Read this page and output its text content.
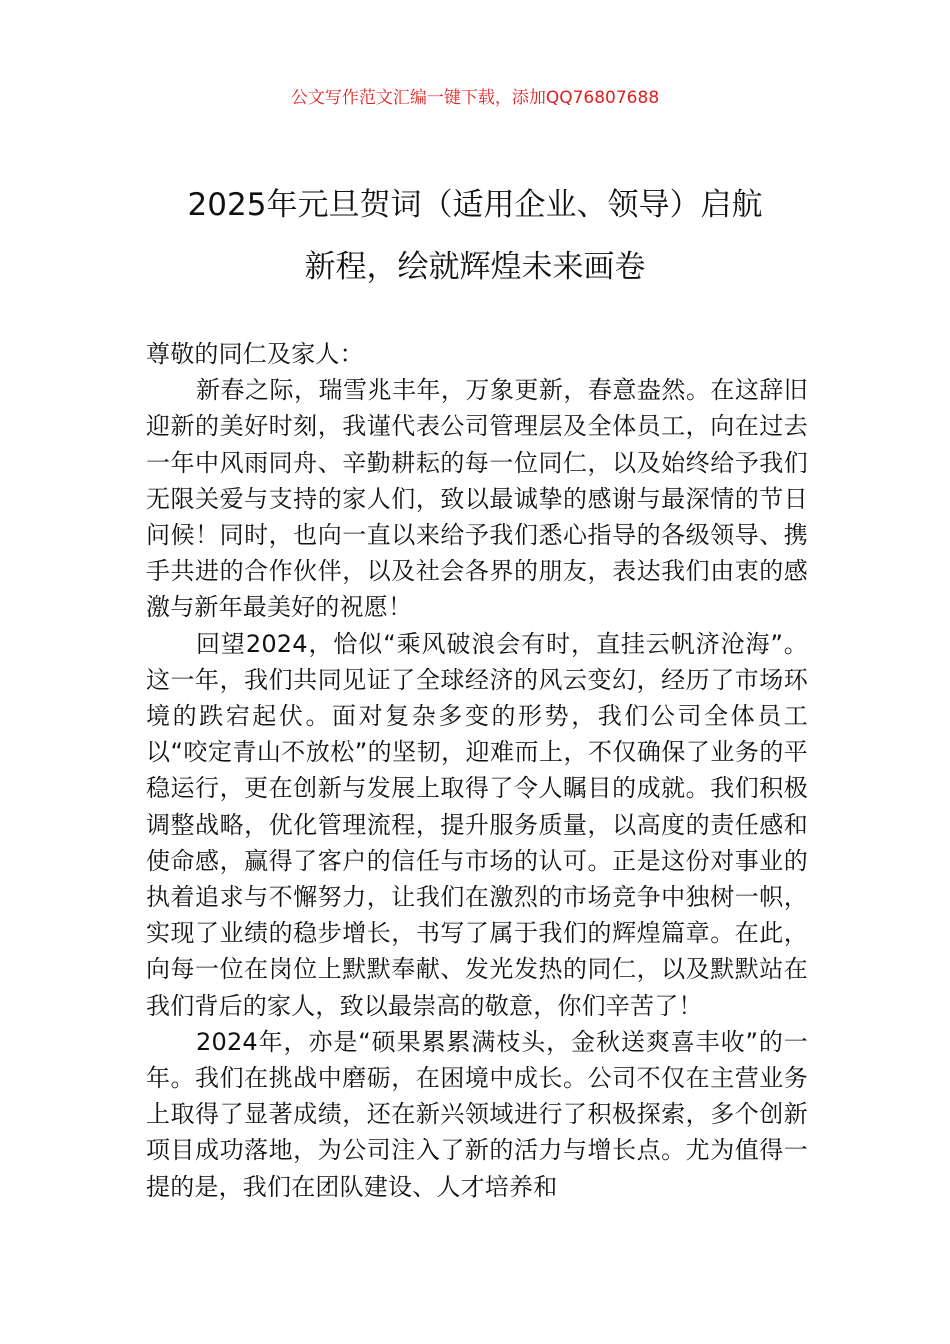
公文写作范文汇编一键下载，添加QQ76807688
2025年元旦贺词（适用企业、领导）启航
新程，绘就辉煌未来画卷

尊敬的同仁及家人：

新春之际，瑞雪兆丰年，万象更新，春意盎然。在这辞旧迎新的美好时刻，我谨代表公司管理层及全体员工，向在过去一年中风雨同舟、辛勤耕耘的每一位同仁，以及始终给予我们无限关爱与支持的家人们，致以最诚挚的感谢与最深情的节日问候！同时，也向一直以来给予我们悉心指导的各级领导、携手共进的合作伙伴，以及社会各界的朋友，表达我们由衷的感激与新年最美好的祝愿！

回望2024，恰似“乘风破浪会有时，直挂云帆济沧海”。这一年，我们共同见证了全球经济的风云变幻，经历了市场环境的跌宕起伏。面对复杂多变的形势，我们公司全体员工以“咬定青山不放松”的坚韧，迎难而上，不仅确保了业务的平稳运行，更在创新与发展上取得了令人瞩目的成就。我们积极调整战略，优化管理流程，提升服务质量，以高度的责任感和使命感，赢得了客户的信任与市场的认可。正是这份对事业的执着追求与不懈努力，让我们在激烈的市场竞争中独树一帜，实现了业绩的稳步增长，书写了属于我们的辉煌篇章。在此，向每一位在岗位上默默奉献、发光发热的同仁，以及默默站在我们背后的家人，致以最崇高的敬意，你们辛苦了！

2024年，亦是“硕果累累满枝头，金秋送爽喜丰收”的一年。我们在挑战中磨砺，在困境中成长。公司不仅在主营业务上取得了显著成绩，还在新兴领域进行了积极探索，多个创新项目成功落地，为公司注入了新的活力与增长点。尤为值得一提的是，我们在团队建设、人才培养和
